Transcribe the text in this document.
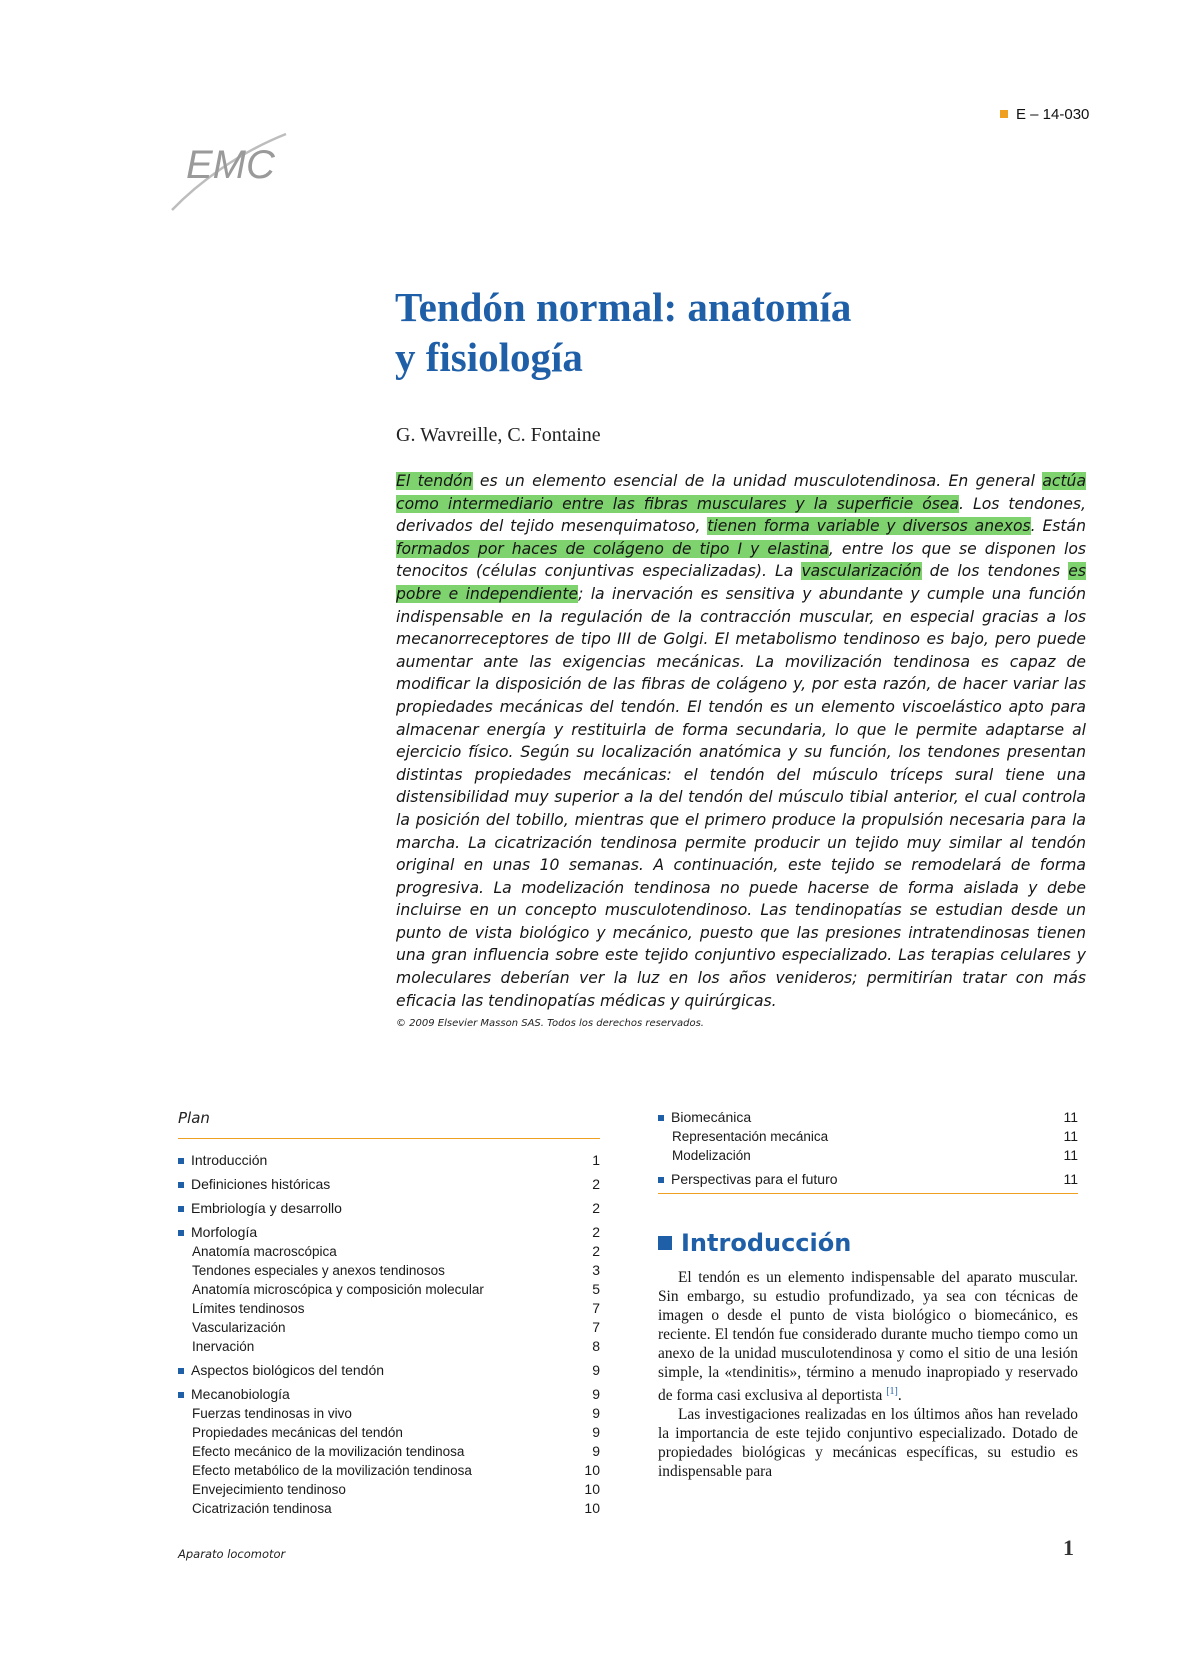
EMC
E – 14-030
Tendón normal: anatomía
y fisiología
G. Wavreille, C. Fontaine

El tendón es un elemento esencial de la unidad musculotendinosa. En general actúa como intermediario entre las fibras musculares y la superficie ósea. Los tendones, derivados del tejido mesenquimatoso, tienen forma variable y diversos anexos. Están formados por haces de colágeno de tipo I y elastina, entre los que se disponen los tenocitos (células conjuntivas especializadas). La vascularización de los tendones es pobre e independiente; la inervación es sensitiva y abundante y cumple una función indispensable en la regulación de la contracción muscular, en especial gracias a los mecanorreceptores de tipo III de Golgi. El metabolismo tendinoso es bajo, pero puede aumentar ante las exigencias mecánicas. La movilización tendinosa es capaz de modificar la disposición de las fibras de colágeno y, por esta razón, de hacer variar las propiedades mecánicas del tendón. El tendón es un elemento viscoelástico apto para almacenar energía y restituirla de forma secundaria, lo que le permite adaptarse al ejercicio físico. Según su localización anatómica y su función, los tendones presentan distintas propiedades mecánicas: el tendón del músculo tríceps sural tiene una distensibilidad muy superior a la del tendón del músculo tibial anterior, el cual controla la posición del tobillo, mientras que el primero produce la propulsión necesaria para la marcha. La cicatrización tendinosa permite producir un tejido muy similar al tendón original en unas 10 semanas. A continuación, este tejido se remodelará de forma progresiva. La modelización tendinosa no puede hacerse de forma aislada y debe incluirse en un concepto musculotendinoso. Las tendinopatías se estudian desde un punto de vista biológico y mecánico, puesto que las presiones intratendinosas tienen una gran influencia sobre este tejido conjuntivo especializado. Las terapias celulares y moleculares deberían ver la luz en los años venideros; permitirían tratar con más eficacia las tendinopatías médicas y quirúrgicas.

© 2009 Elsevier Masson SAS. Todos los derechos reservados.
Plan
Introducción	1
Definiciones históricas	2
Embriología y desarrollo	2
Morfología	2
Anatomía macroscópica	2
Tendones especiales y anexos tendinosos	3
Anatomía microscópica y composición molecular	5
Límites tendinosos	7
Vascularización	7
Inervación	8
Aspectos biológicos del tendón	9
Mecanobiología	9
Fuerzas tendinosas in vivo	9
Propiedades mecánicas del tendón	9
Efecto mecánico de la movilización tendinosa	9
Efecto metabólico de la movilización tendinosa	10
Envejecimiento tendinoso	10
Cicatrización tendinosa	10
Biomecánica	11
Representación mecánica	11
Modelización	11
Perspectivas para el futuro	11
Introducción

El tendón es un elemento indispensable del aparato muscular. Sin embargo, su estudio profundizado, ya sea con técnicas de imagen o desde el punto de vista biológico o biomecánico, es reciente. El tendón fue considerado durante mucho tiempo como un anexo de la unidad musculotendinosa y como el sitio de una lesión simple, la «tendinitis», término a menudo inapropiado y reservado de forma casi exclusiva al deportista [1].

Las investigaciones realizadas en los últimos años han revelado la importancia de este tejido conjuntivo especializado. Dotado de propiedades biológicas y mecánicas específicas, su estudio es indispensable para

Aparato locomotor	1
